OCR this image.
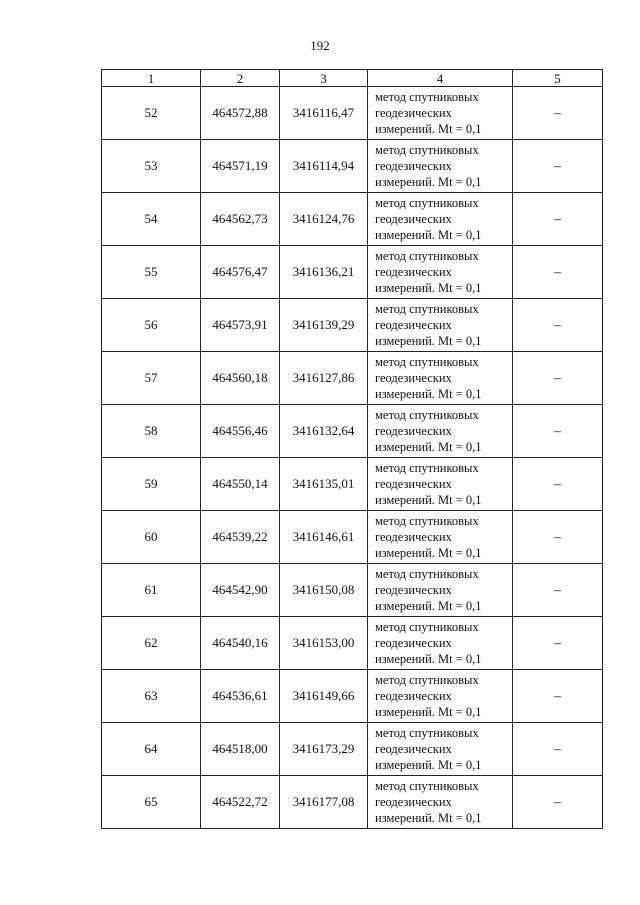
192
1	2	3	4	5
52	464572,88	3416116,47	метод спутниковых
геодезических
измерений. Mt = 0,1	–
53	464571,19	3416114,94	метод спутниковых
геодезических
измерений. Mt = 0,1	–
54	464562,73	3416124,76	метод спутниковых
геодезических
измерений. Mt = 0,1	–
55	464576,47	3416136,21	метод спутниковых
геодезических
измерений. Mt = 0,1	–
56	464573,91	3416139,29	метод спутниковых
геодезических
измерений. Mt = 0,1	–
57	464560,18	3416127,86	метод спутниковых
геодезических
измерений. Mt = 0,1	–
58	464556,46	3416132,64	метод спутниковых
геодезических
измерений. Mt = 0,1	–
59	464550,14	3416135,01	метод спутниковых
геодезических
измерений. Mt = 0,1	–
60	464539,22	3416146,61	метод спутниковых
геодезических
измерений. Mt = 0,1	–
61	464542,90	3416150,08	метод спутниковых
геодезических
измерений. Mt = 0,1	–
62	464540,16	3416153,00	метод спутниковых
геодезических
измерений. Mt = 0,1	–
63	464536,61	3416149,66	метод спутниковых
геодезических
измерений. Mt = 0,1	–
64	464518,00	3416173,29	метод спутниковых
геодезических
измерений. Mt = 0,1	–
65	464522,72	3416177,08	метод спутниковых
геодезических
измерений. Mt = 0,1	–
